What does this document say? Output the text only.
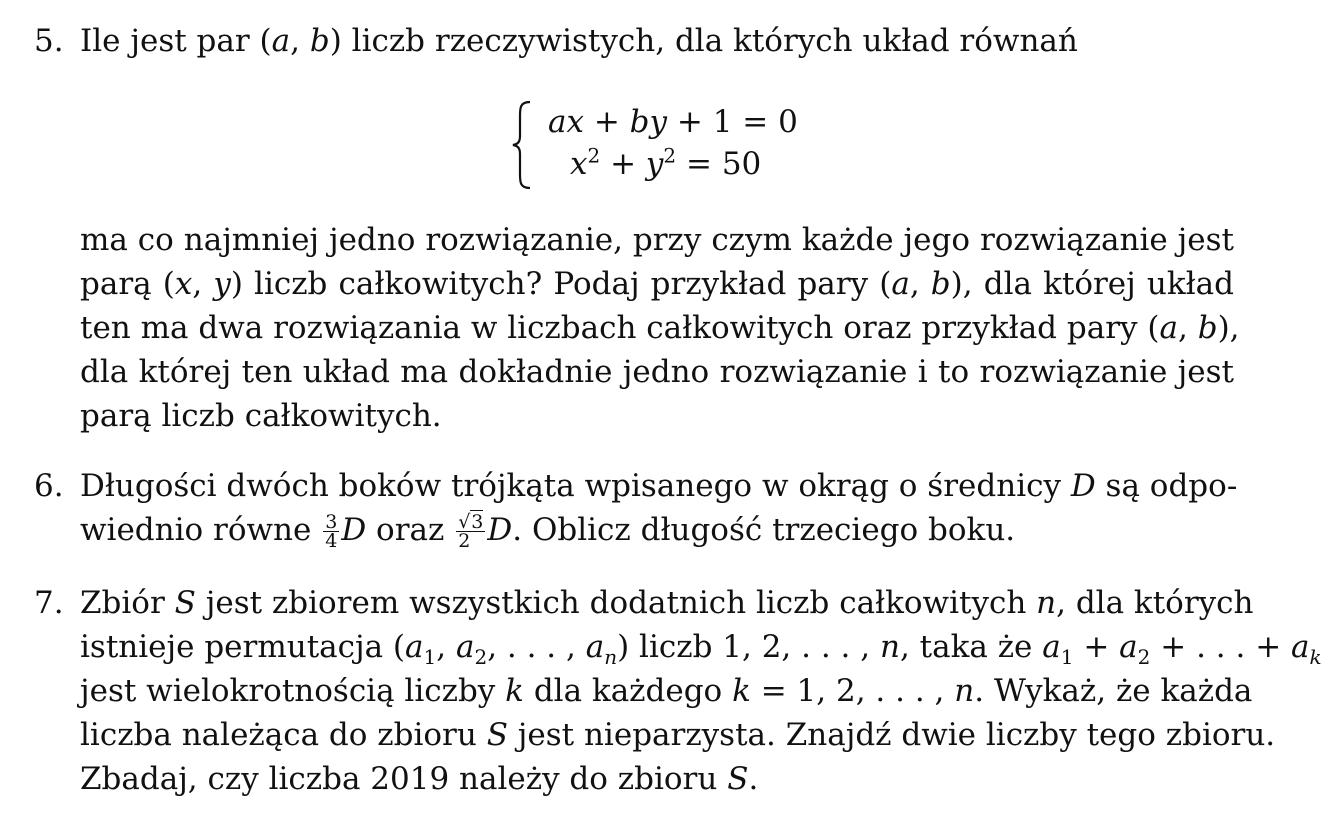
5. Ile jest par (a, b) liczb rzeczywistych, dla których układ równań
ax + by + 1 = 0
$x^2 + y^2 = 50$
ma co najmniej jedno rozwiązanie, przy czym każde jego rozwiązanie jest
parą (x, y) liczb całkowitych? Podaj przykład pary (a, b), dla której układ
ten ma dwa rozwiązania w liczbach całkowitych oraz przykład pary (a, b),
dla której ten układ ma dokładnie jedno rozwiązanie i to rozwiązanie jest
parą liczb całkowitych.
6. Długości dwóch boków trójkąta wpisanego w okrąg o średnicy D są odpo-
wiednio równe $\frac{3}{4}$ D oraz $\frac{√3}{2} D$. Oblicz długość trzeciego boku.
7. Zbiór S jest zbiorem wszystkich dodatnich liczb całkowitych n, dla których
istnieje permutacja ($a_1$, $a_2$, . . . , $a_n$) liczb 1, 2, . . . , n, taka że $a_1 + a_2$ + . . . + $a_k$
jest wielokrotnością liczby k dla każdego k = 1, 2, . . . , n. Wykaż, że każda
liczba należąca do zbioru S jest nieparzysta. Znajdź dwie liczby tego zbioru.
Zbadaj, czy liczba 2019 należy do zbioru S.
